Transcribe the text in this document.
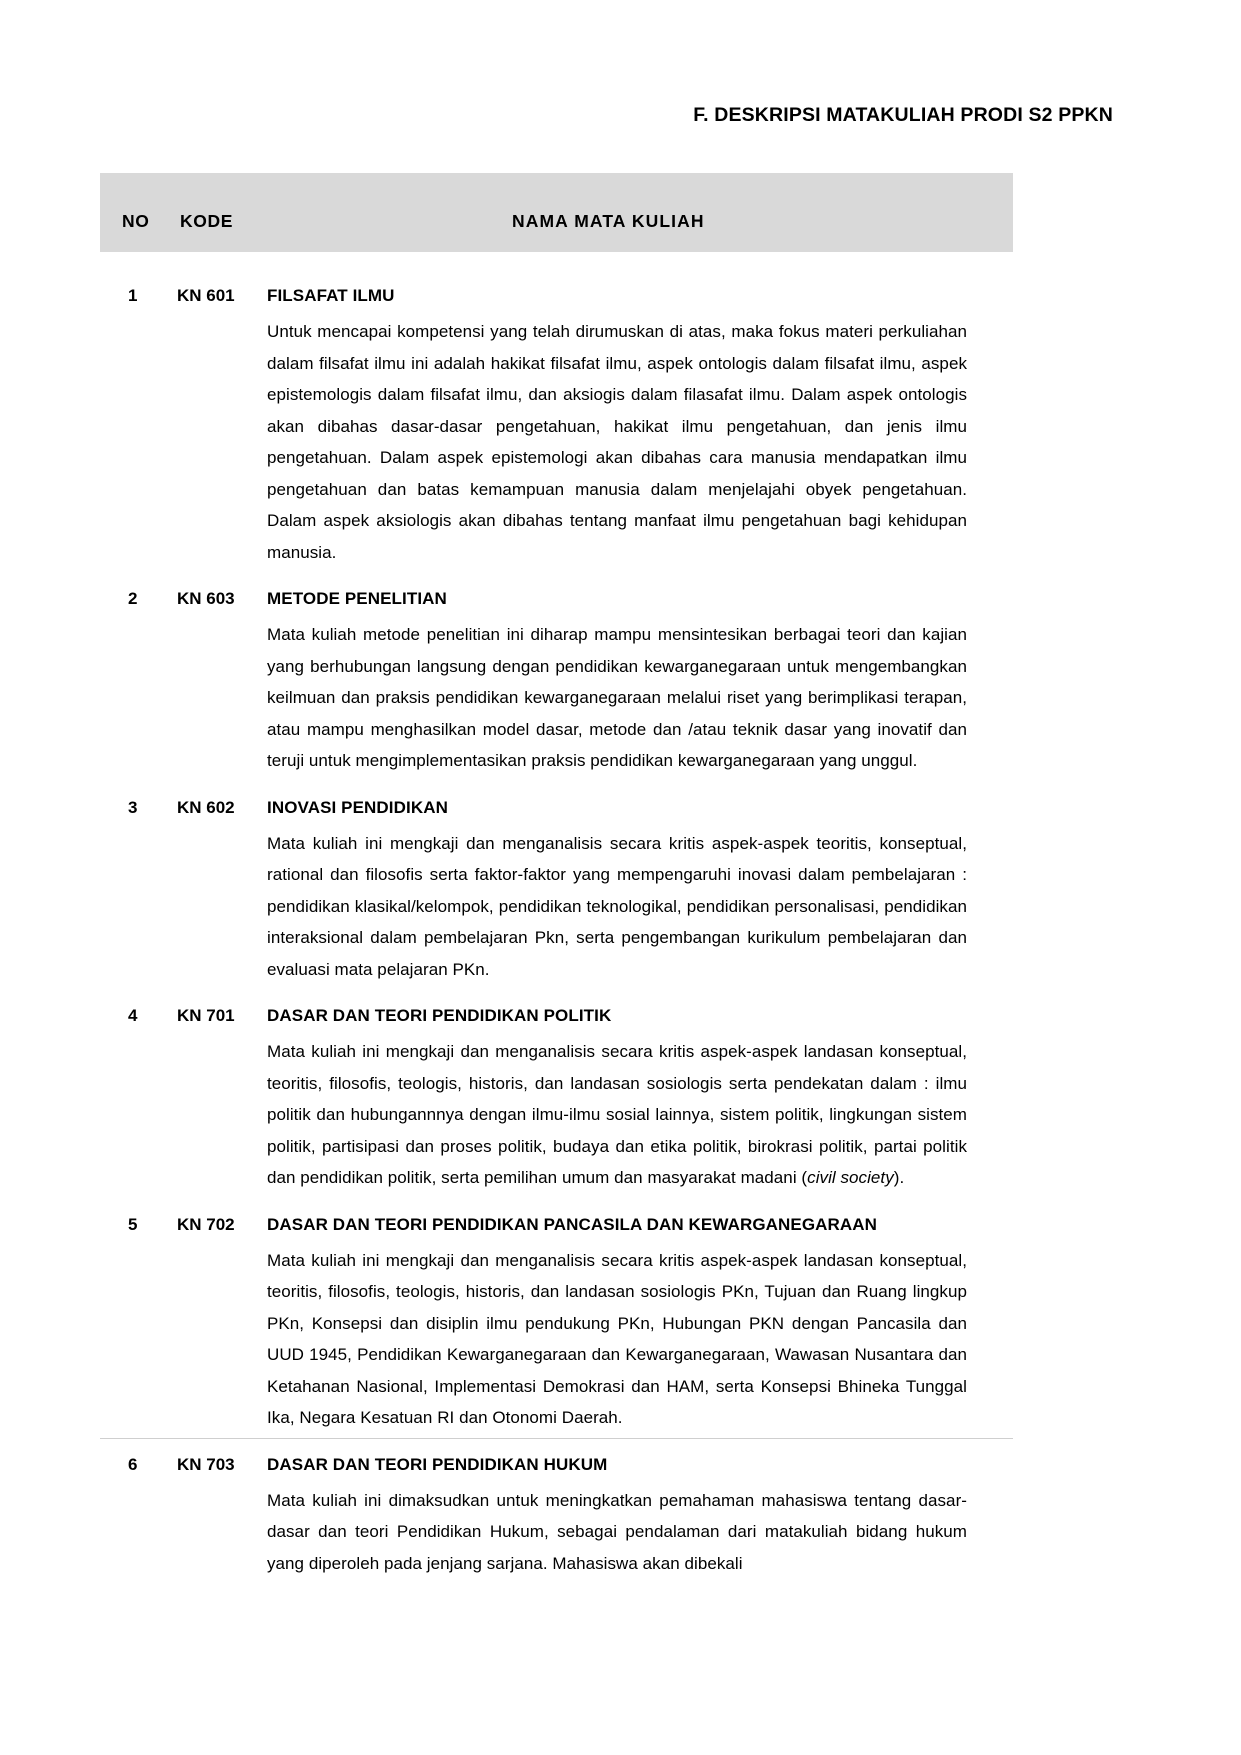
F. DESKRIPSI MATAKULIAH PRODI S2 PPKN
NO KODE	NAMA MATA KULIAH
1 KN 601 FILSAFAT ILMU
Untuk mencapai kompetensi yang telah dirumuskan di atas, maka fokus materi perkuliahan dalam filsafat ilmu ini adalah hakikat filsafat ilmu, aspek ontologis dalam filsafat ilmu, aspek epistemologis dalam filsafat ilmu, dan aksiogis dalam filasafat ilmu. Dalam aspek ontologis akan dibahas dasar-dasar pengetahuan, hakikat ilmu pengetahuan, dan jenis ilmu pengetahuan. Dalam aspek epistemologi akan dibahas cara manusia mendapatkan ilmu pengetahuan dan batas kemampuan manusia dalam menjelajahi obyek pengetahuan. Dalam aspek aksiologis akan dibahas tentang manfaat ilmu pengetahuan bagi kehidupan manusia.
2 KN 603 METODE PENELITIAN
Mata kuliah metode penelitian ini diharap mampu mensintesikan berbagai teori dan kajian yang berhubungan langsung dengan pendidikan kewarganegaraan untuk mengembangkan keilmuan dan praksis pendidikan kewarganegaraan melalui riset yang berimplikasi terapan, atau mampu menghasilkan model dasar, metode dan /atau teknik dasar yang inovatif dan teruji untuk mengimplementasikan praksis pendidikan kewarganegaraan yang unggul.
3 KN 602 INOVASI PENDIDIKAN
Mata kuliah ini mengkaji dan menganalisis secara kritis aspek-aspek teoritis, konseptual, rational dan filosofis serta faktor-faktor yang mempengaruhi inovasi dalam pembelajaran : pendidikan klasikal/kelompok, pendidikan teknologikal, pendidikan personalisasi, pendidikan interaksional dalam pembelajaran Pkn, serta pengembangan kurikulum pembelajaran dan evaluasi mata pelajaran PKn.
4 KN 701 DASAR DAN TEORI PENDIDIKAN POLITIK
Mata kuliah ini mengkaji dan menganalisis secara kritis aspek-aspek landasan konseptual, teoritis, filosofis, teologis, historis, dan landasan sosiologis serta pendekatan dalam : ilmu politik dan hubungannnya dengan ilmu-ilmu sosial lainnya, sistem politik, lingkungan sistem politik, partisipasi dan proses politik, budaya dan etika politik, birokrasi politik, partai politik dan pendidikan politik, serta pemilihan umum dan masyarakat madani (civil society).
5 KN 702 DASAR DAN TEORI PENDIDIKAN PANCASILA DAN KEWARGANEGARAAN
Mata kuliah ini mengkaji dan menganalisis secara kritis aspek-aspek landasan konseptual, teoritis, filosofis, teologis, historis, dan landasan sosiologis PKn, Tujuan dan Ruang lingkup PKn, Konsepsi dan disiplin ilmu pendukung PKn, Hubungan PKN dengan Pancasila dan UUD 1945, Pendidikan Kewarganegaraan dan Kewarganegaraan, Wawasan Nusantara dan Ketahanan Nasional, Implementasi Demokrasi dan HAM, serta Konsepsi Bhineka Tunggal Ika, Negara Kesatuan RI dan Otonomi Daerah.
6 KN 703 DASAR DAN TEORI PENDIDIKAN HUKUM
Mata kuliah ini dimaksudkan untuk meningkatkan pemahaman mahasiswa tentang dasar-dasar dan teori Pendidikan Hukum, sebagai pendalaman dari matakuliah bidang hukum yang diperoleh pada jenjang sarjana. Mahasiswa akan dibekali
